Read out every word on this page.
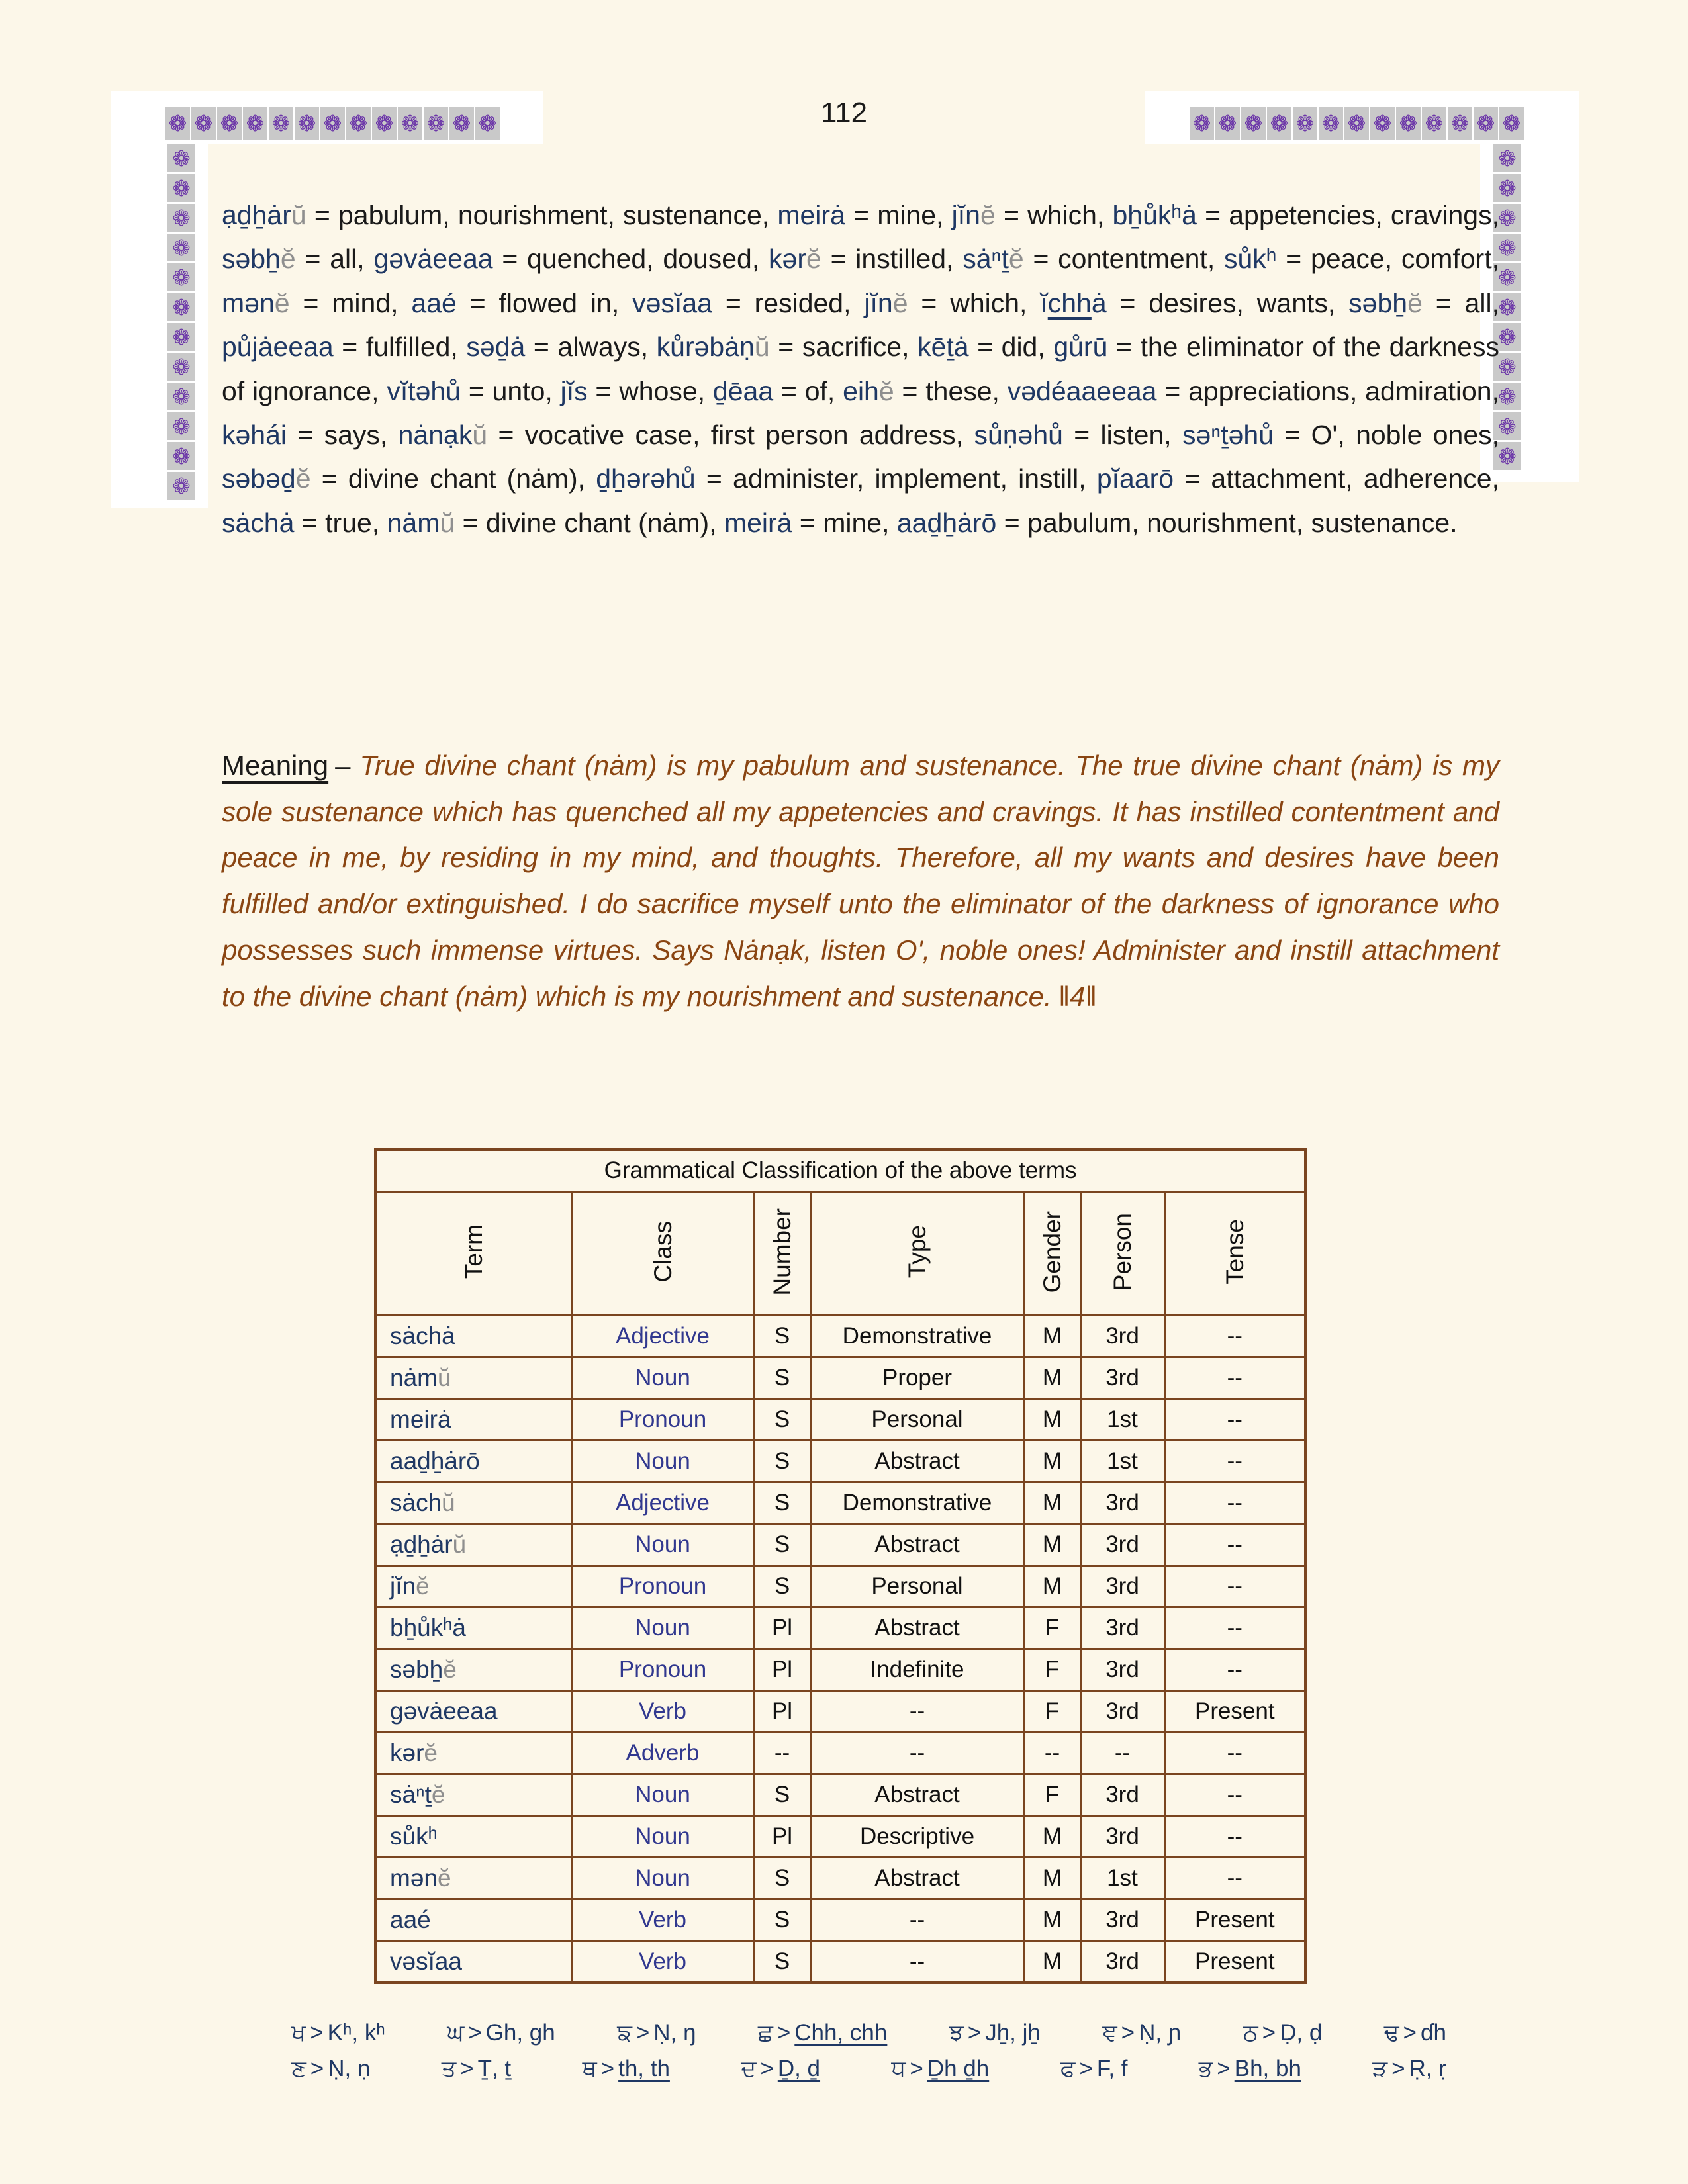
❁ ❁ ❁ ❁ ❁ ❁ ❁ ❁ ❁ ❁ ❁ ❁ ❁	❁ ❁ ❁ ❁ ❁ ❁ ❁ ❁ ❁ ❁ ❁ ❁ ❁
❁
❁
❁
❁
❁
❁
❁
❁
❁
❁
❁
❁
❁
❁
❁
❁
❁
❁
❁
❁
❁
❁
❁
112
ạḏẖȧrŭ = pabulum, nourishment, sustenance, meirȧ = mine, jĭnĕ = which, bẖůkʰȧ = appetencies, cravings, səbẖĕ = all, gəvȧeeaa = quenched, doused, kərĕ = instilled, sȧⁿṯĕ = contentment, sůkʰ = peace, comfort, mənĕ = mind, aaé = flowed in, vəsĭaa = resided, jĭnĕ = which, ĭchhȧ = desires, wants, səbẖĕ = all, půjȧeeaa = fulfilled, səḏȧ = always, kůrəbȧṇŭ = sacrifice, kēṯȧ = did, gůrū = the eliminator of the darkness of ignorance, vĭtəhů = unto, jĭs = whose, ḏēaa = of, eihĕ = these, vədéaaeeaa = appreciations, admiration, kəhái = says, nȧnạkŭ = vocative case, first person address, sůṇəhů = listen, səⁿṯəhů = O', noble ones, səbəḏĕ = divine chant (nȧm), ḏẖərəhů = administer, implement, instill, pĭaarō = attachment, adherence, sȧchȧ = true, nȧmŭ = divine chant (nȧm), meirȧ = mine, aaḏẖȧrō = pabulum, nourishment, sustenance.
Meaning – True divine chant (nȧm) is my pabulum and sustenance. The true divine chant (nȧm) is my sole sustenance which has quenched all my appetencies and cravings. It has instilled contentment and peace in me, by residing in my mind, and thoughts. Therefore, all my wants and desires have been fulfilled and/or extinguished. I do sacrifice myself unto the eliminator of the darkness of ignorance who possesses such immense virtues. Says Nȧnạk, listen O', noble ones! Administer and instill attachment to the divine chant (nȧm) which is my nourishment and sustenance. ‖4‖
Grammatical Classification of the above terms						
Term	Class	Number	Type	Gender	Person	Tense
sȧchȧ	Adjective	S	Demonstrative	M	3rd	--
nȧmŭ	Noun	S	Proper	M	3rd	--
meirȧ	Pronoun	S	Personal	M	1st	--
aaḏẖȧrō	Noun	S	Abstract	M	1st	--
sȧchŭ	Adjective	S	Demonstrative	M	3rd	--
ạḏẖȧrŭ	Noun	S	Abstract	M	3rd	--
jĭnĕ	Pronoun	S	Personal	M	3rd	--
bẖůkʰȧ	Noun	Pl	Abstract	F	3rd	--
səbẖĕ	Pronoun	Pl	Indefinite	F	3rd	--
gəvȧeeaa	Verb	Pl	--	F	3rd	Present
kərĕ	Adverb	--	--	--	--	--
sȧⁿṯĕ	Noun	S	Abstract	F	3rd	--
sůkʰ	Noun	Pl	Descriptive	M	3rd	--
mənĕ	Noun	S	Abstract	M	1st	--
aaé	Verb	S	--	M	3rd	Present
vəsĭaa	Verb	S	--	M	3rd	Present
ਖ > Kʰ, kʰ	ਘ > Gh, gh	ਙ > Ṇ, ŋ	ਛ > Chh, chh	ਝ > Jẖ, jẖ	ਞ > Ṇ, ɲ	ਠ > Ḍ, ḍ	ਢ > ɗh
ਣ > Ṇ, ṇ	ਤ > Ṯ, ṯ	ਥ > th, th	ਦ > Ḏ, ḏ	ਧ > Ḏh ḏh	ਫ > F, f	ਭ > Bh, bh	ੜ > Ṛ, ṛ
